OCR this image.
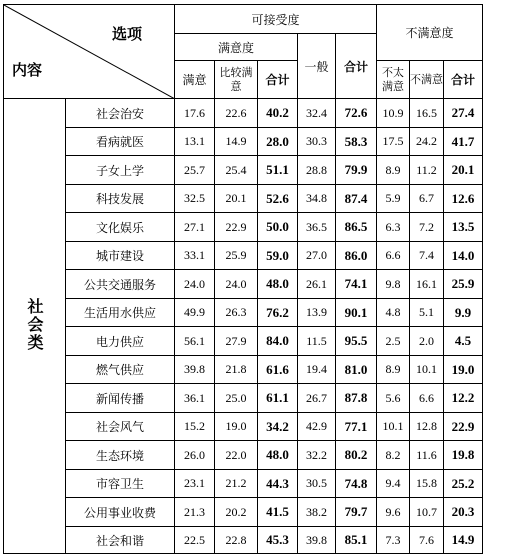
选项
内容		可接受度					不满意度		
		满意度			一般	合计			
		满意	比较满意	合计			不太满意	不满意	合计
社会类	社会治安	17.6	22.6	40.2	32.4	72.6	10.9	16.5	27.4
	看病就医	13.1	14.9	28.0	30.3	58.3	17.5	24.2	41.7
	子女上学	25.7	25.4	51.1	28.8	79.9	8.9	11.2	20.1
	科技发展	32.5	20.1	52.6	34.8	87.4	5.9	6.7	12.6
	文化娱乐	27.1	22.9	50.0	36.5	86.5	6.3	7.2	13.5
	城市建设	33.1	25.9	59.0	27.0	86.0	6.6	7.4	14.0
	公共交通服务	24.0	24.0	48.0	26.1	74.1	9.8	16.1	25.9
	生活用水供应	49.9	26.3	76.2	13.9	90.1	4.8	5.1	9.9
	电力供应	56.1	27.9	84.0	11.5	95.5	2.5	2.0	4.5
	燃气供应	39.8	21.8	61.6	19.4	81.0	8.9	10.1	19.0
	新闻传播	36.1	25.0	61.1	26.7	87.8	5.6	6.6	12.2
	社会风气	15.2	19.0	34.2	42.9	77.1	10.1	12.8	22.9
	生态环境	26.0	22.0	48.0	32.2	80.2	8.2	11.6	19.8
	市容卫生	23.1	21.2	44.3	30.5	74.8	9.4	15.8	25.2
	公用事业收费	21.3	20.2	41.5	38.2	79.7	9.6	10.7	20.3
	社会和谐	22.5	22.8	45.3	39.8	85.1	7.3	7.6	14.9
